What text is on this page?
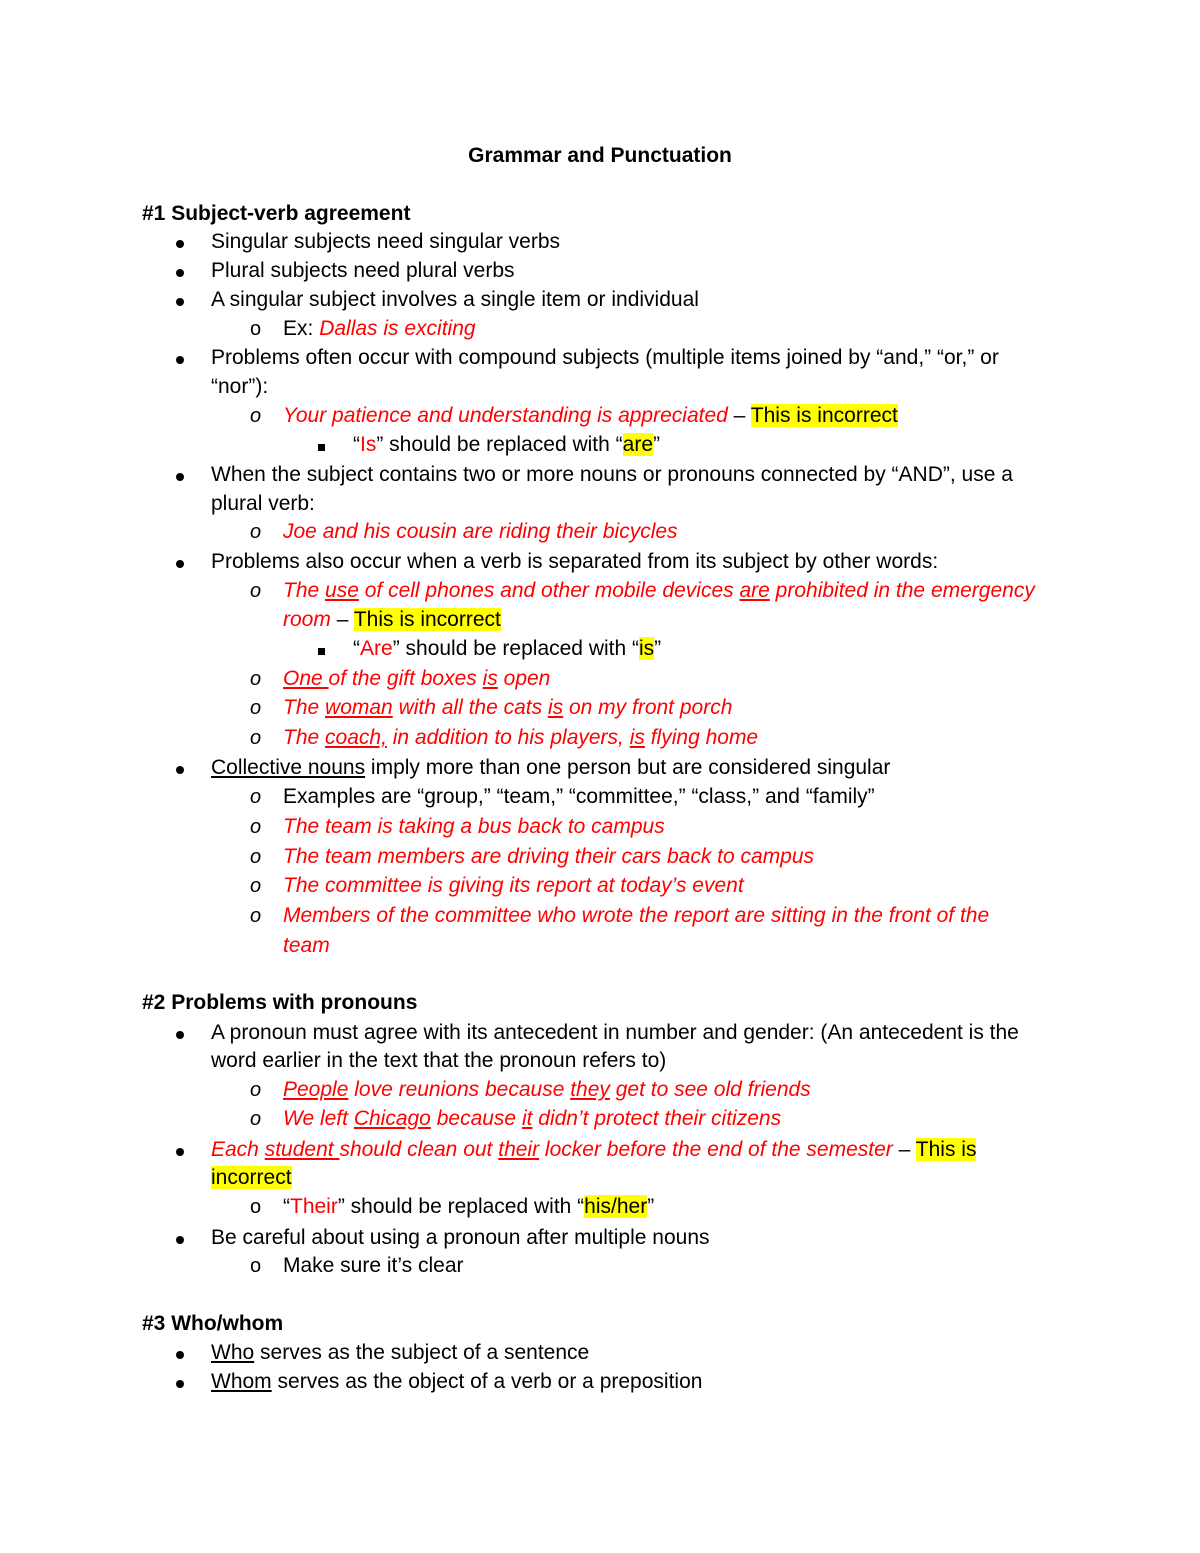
Grammar and Punctuation
#1 Subject-verb agreement
Singular subjects need singular verbs
Plural subjects need plural verbs
A singular subject involves a single item or individual
o Ex: Dallas is exciting
Problems often occur with compound subjects (multiple items joined by “and,” “or,” or
“nor”):
o Your patience and understanding is appreciated – This is incorrect
“Is” should be replaced with “are”
When the subject contains two or more nouns or pronouns connected by “AND”, use a
plural verb:
o Joe and his cousin are riding their bicycles
Problems also occur when a verb is separated from its subject by other words:
o The use of cell phones and other mobile devices are prohibited in the emergency
room – This is incorrect
“Are” should be replaced with “is”
o One of the gift boxes is open
o The woman with all the cats is on my front porch
o The coach, in addition to his players, is flying home
Collective nouns imply more than one person but are considered singular
o Examples are “group,” “team,” “committee,” “class,” and “family”
o The team is taking a bus back to campus
o The team members are driving their cars back to campus
o The committee is giving its report at today’s event
o Members of the committee who wrote the report are sitting in the front of the
team
#2 Problems with pronouns
A pronoun must agree with its antecedent in number and gender: (An antecedent is the
word earlier in the text that the pronoun refers to)
o People love reunions because they get to see old friends
o We left Chicago because it didn’t protect their citizens
Each student should clean out their locker before the end of the semester – This is
incorrect
o “Their” should be replaced with “his/her”
Be careful about using a pronoun after multiple nouns
o Make sure it’s clear
#3 Who/whom
Who serves as the subject of a sentence
Whom serves as the object of a verb or a preposition
